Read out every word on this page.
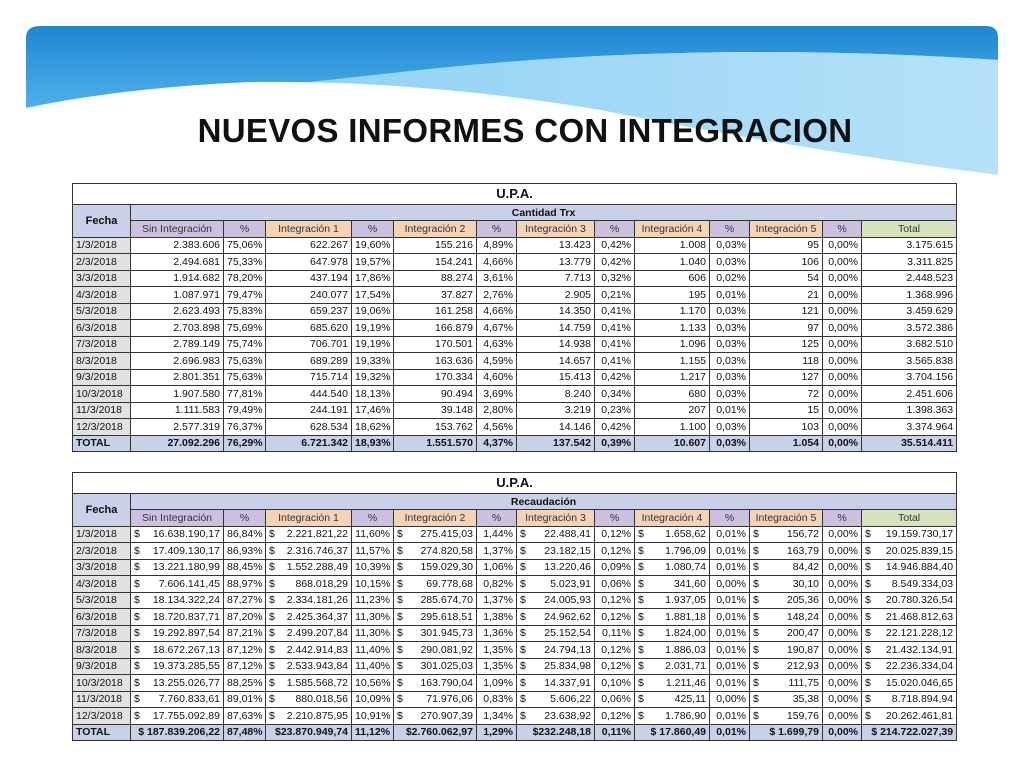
NUEVOS INFORMES CON INTEGRACION
U.P.A.													
Fecha	Cantidad Trx												
	Sin Integración	%	Integración 1	%	Integración 2	%	Integración 3	%	Integración 4	%	Integración 5	%	Total
1/3/2018	2.383.606	75,06%	622.267	19,60%	155.216	4,89%	13.423	0,42%	1.008	0,03%	95	0,00%	3.175.615
2/3/2018	2.494.681	75,33%	647.978	19,57%	154.241	4,66%	13.779	0,42%	1.040	0,03%	106	0,00%	3.311.825
3/3/2018	1.914.682	78,20%	437.194	17,86%	88.274	3,61%	7.713	0,32%	606	0,02%	54	0,00%	2.448.523
4/3/2018	1.087.971	79,47%	240.077	17,54%	37.827	2,76%	2.905	0,21%	195	0,01%	21	0,00%	1.368.996
5/3/2018	2.623.493	75,83%	659.237	19,06%	161.258	4,66%	14.350	0,41%	1.170	0,03%	121	0,00%	3.459.629
6/3/2018	2.703.898	75,69%	685.620	19,19%	166.879	4,67%	14.759	0,41%	1.133	0,03%	97	0,00%	3.572.386
7/3/2018	2.789.149	75,74%	706.701	19,19%	170.501	4,63%	14.938	0,41%	1.096	0,03%	125	0,00%	3.682.510
8/3/2018	2.696.983	75,63%	689.289	19,33%	163.636	4,59%	14.657	0,41%	1.155	0,03%	118	0,00%	3.565.838
9/3/2018	2.801.351	75,63%	715.714	19,32%	170.334	4,60%	15.413	0,42%	1.217	0,03%	127	0,00%	3.704.156
10/3/2018	1.907.580	77,81%	444.540	18,13%	90.494	3,69%	8.240	0,34%	680	0,03%	72	0,00%	2.451.606
11/3/2018	1.111.583	79,49%	244.191	17,46%	39.148	2,80%	3.219	0,23%	207	0,01%	15	0,00%	1.398.363
12/3/2018	2.577.319	76,37%	628.534	18,62%	153.762	4,56%	14.146	0,42%	1.100	0,03%	103	0,00%	3.374.964
TOTAL	27.092.296	76,29%	6.721.342	18,93%	1.551.570	4,37%	137.542	0,39%	10.607	0,03%	1.054	0,00%	35.514.411
U.P.A.													
Fecha	Recaudación												
	Sin Integración	%	Integración 1	%	Integración 2	%	Integración 3	%	Integración 4	%	Integración 5	%	Total
1/3/2018	$ 16.638.190,17	86,84%	$ 2.221.821,22	11,60%	$ 275.415,03	1,44%	$ 22.488,41	0,12%	$ 1.658,62	0,01%	$ 156,72	0,00%	$ 19.159.730,17

2/3/2018	$ 17.409.130,17	86,93%	$ 2.316.746,37	11,57%	$ 274.820,58	1,37%	$ 23.182,15	0,12%	$ 1.796,09	0,01%	$ 163,79	0,00%	$ 20.025.839,15

3/3/2018	$ 13.221.180,99	88,45%	$ 1.552.288,49	10,39%	$ 159.029,30	1,06%	$ 13.220,46	0,09%	$ 1.080,74	0,01%	$ 84,42	0,00%	$ 14.946.884,40

4/3/2018	$ 7.606.141,45	88,97%	$ 868.018,29	10,15%	$ 69.778,68	0,82%	$ 5.023,91	0,06%	$ 341,60	0,00%	$ 30,10	0,00%	$ 8.549.334,03

5/3/2018	$ 18.134.322,24	87,27%	$ 2.334.181,26	11,23%	$ 285.674,70	1,37%	$ 24.005,93	0,12%	$ 1.937,05	0,01%	$ 205,36	0,00%	$ 20.780.326,54

6/3/2018	$ 18.720.837,71	87,20%	$ 2.425.364,37	11,30%	$ 295.618,51	1,38%	$ 24.962,62	0,12%	$ 1.881,18	0,01%	$ 148,24	0,00%	$ 21.468.812,63

7/3/2018	$ 19.292.897,54	87,21%	$ 2.499.207,84	11,30%	$ 301.945,73	1,36%	$ 25.152,54	0,11%	$ 1.824,00	0,01%	$ 200,47	0,00%	$ 22.121.228,12

8/3/2018	$ 18.672.267,13	87,12%	$ 2.442.914,83	11,40%	$ 290.081,92	1,35%	$ 24.794,13	0,12%	$ 1.886,03	0,01%	$ 190,87	0,00%	$ 21.432.134,91

9/3/2018	$ 19.373.285,55	87,12%	$ 2.533.943,84	11,40%	$ 301.025,03	1,35%	$ 25.834,98	0,12%	$ 2.031,71	0,01%	$ 212,93	0,00%	$ 22.236.334,04

10/3/2018	$ 13.255.026,77	88,25%	$ 1.585.568,72	10,56%	$ 163.790,04	1,09%	$ 14.337,91	0,10%	$ 1.211,46	0,01%	$ 111,75	0,00%	$ 15.020.046,65

11/3/2018	$ 7.760.833,61	89,01%	$ 880.018,56	10,09%	$ 71.976,06	0,83%	$ 5.606,22	0,06%	$ 425,11	0,00%	$ 35,38	0,00%	$ 8.718.894,94

12/3/2018	$ 17.755.092,89	87,63%	$ 2.210.875,95	10,91%	$ 270.907,39	1,34%	$ 23.638,92	0,12%	$ 1.786,90	0,01%	$ 159,76	0,00%	$ 20.262.461,81

TOTAL	$ 187.839.206,22	87,48%	$23.870.949,74	11,12%	$2.760.062,97	1,29%	$232.248,18	0,11%	$ 17.860,49	0,01%	$ 1.699,79	0,00%	$ 214.722.027,39
